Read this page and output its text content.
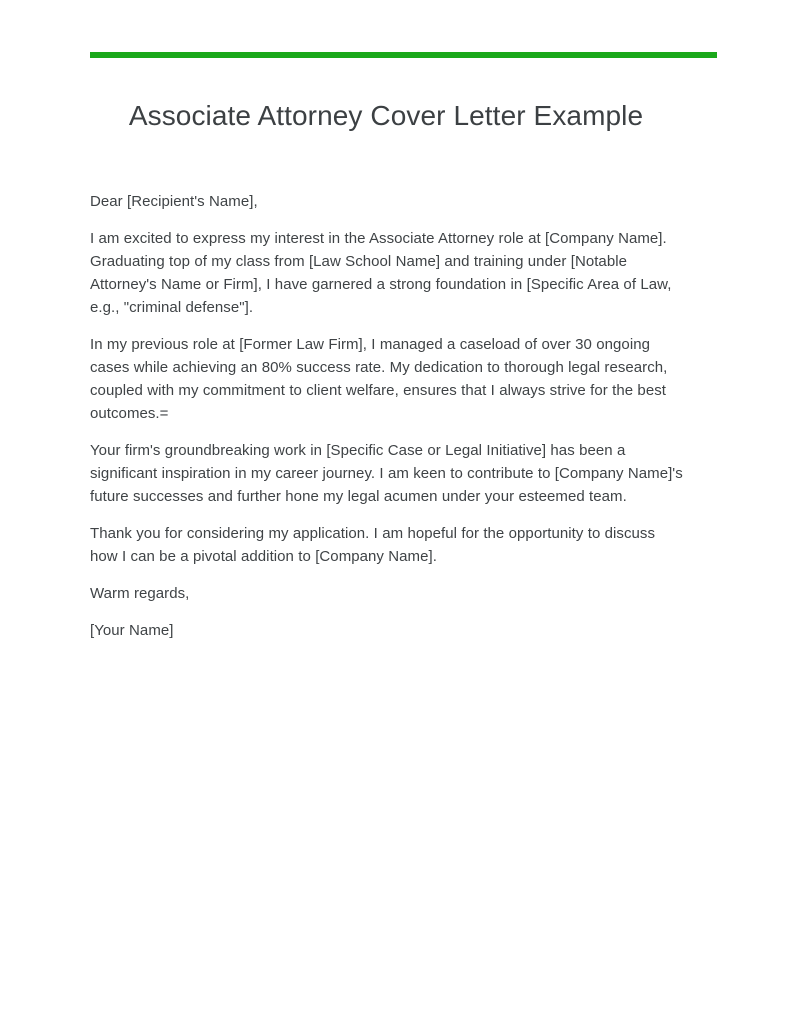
Associate Attorney Cover Letter Example

Dear [Recipient's Name],

I am excited to express my interest in the Associate Attorney role at [Company Name]. Graduating top of my class from [Law School Name] and training under [Notable Attorney's Name or Firm], I have garnered a strong foundation in [Specific Area of Law, e.g., "criminal defense"].

In my previous role at [Former Law Firm], I managed a caseload of over 30 ongoing cases while achieving an 80% success rate. My dedication to thorough legal research, coupled with my commitment to client welfare, ensures that I always strive for the best outcomes.=

Your firm's groundbreaking work in [Specific Case or Legal Initiative] has been a significant inspiration in my career journey. I am keen to contribute to [Company Name]'s future successes and further hone my legal acumen under your esteemed team.

Thank you for considering my application. I am hopeful for the opportunity to discuss how I can be a pivotal addition to [Company Name].

Warm regards,

[Your Name]
